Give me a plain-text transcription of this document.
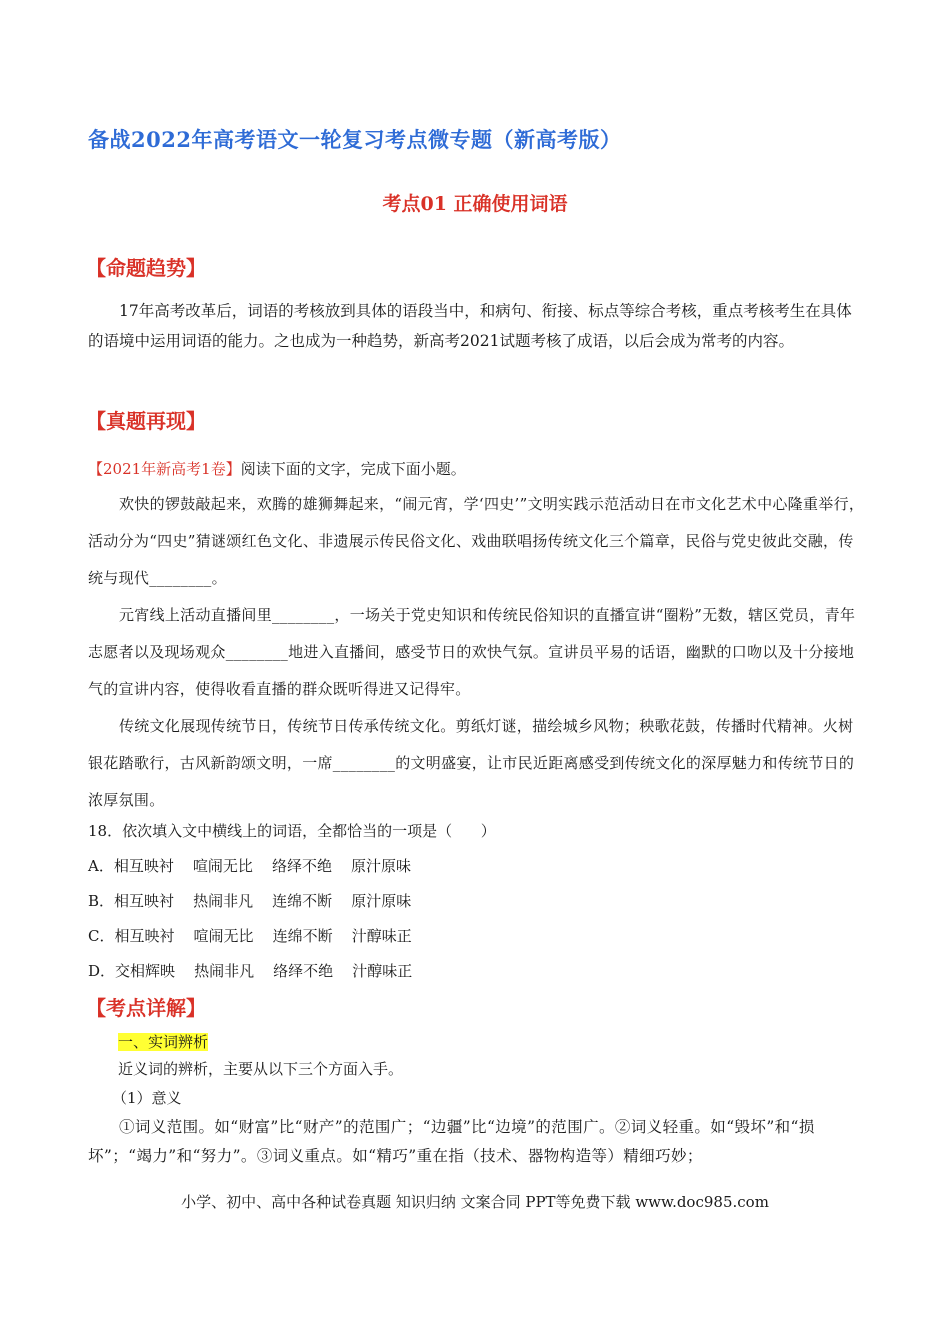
备战2022年高考语文一轮复习考点微专题（新高考版）
考点01 正确使用词语
【命题趋势】

17年高考改革后，词语的考核放到具体的语段当中，和病句、衔接、标点等综合考核，重点考核考生在具体的语境中运用词语的能力。之也成为一种趋势，新高考2021试题考核了成语，以后会成为常考的内容。

【真题再现】
【2021年新高考1卷】阅读下面的文字，完成下面小题。

欢快的锣鼓敲起来，欢腾的雄狮舞起来，“闹元宵，学‘四史’”文明实践示范活动日在市文化艺术中心隆重举行，活动分为“四史”猜谜颂红色文化、非遗展示传民俗文化、戏曲联唱扬传统文化三个篇章，民俗与党史彼此交融，传统与现代________。

元宵线上活动直播间里________，一场关于党史知识和传统民俗知识的直播宣讲“圈粉”无数，辖区党员，青年志愿者以及现场观众________地进入直播间，感受节日的欢快气氛。宣讲员平易的话语，幽默的口吻以及十分接地气的宣讲内容，使得收看直播的群众既听得进又记得牢。

传统文化展现传统节日，传统节日传承传统文化。剪纸灯谜，描绘城乡风物；秧歌花鼓，传播时代精神。火树银花踏歌行，古风新韵颂文明，一席________的文明盛宴，让市民近距离感受到传统文化的深厚魅力和传统节日的浓厚氛围。

18．依次填入文中横线上的词语，全都恰当的一项是（      ）
A．相互映衬    喧闹无比    络绎不绝    原汁原味
B．相互映衬    热闹非凡    连绵不断    原汁原味
C．相互映衬    喧闹无比    连绵不断    汁醇味正
D．交相辉映    热闹非凡    络绎不绝    汁醇味正
【考点详解】
一、实词辨析
近义词的辨析，主要从以下三个方面入手。
（1）意义

①词义范围。如“财富”比“财产”的范围广；“边疆”比“边境”的范围广。②词义轻重。如“毁坏”和“损坏”；“竭力”和“努力”。③词义重点。如“精巧”重在指（技术、器物构造等）精细巧妙；

小学、初中、高中各种试卷真题 知识归纳 文案合同 PPT等免费下载 www.doc985.com
